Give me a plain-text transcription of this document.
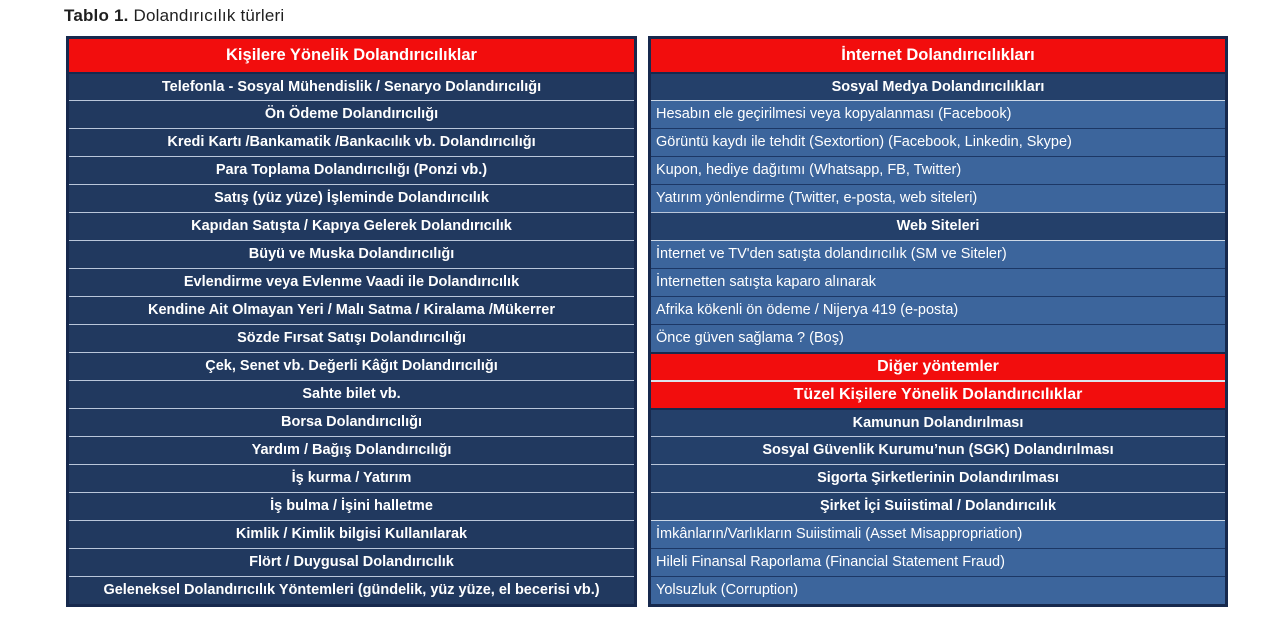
Tablo 1. Dolandırıcılık türleri
Kişilere Yönelik Dolandırıcılıklar
Telefonla - Sosyal Mühendislik / Senaryo Dolandırıcılığı
Ön Ödeme Dolandırıcılığı
Kredi Kartı /Bankamatik /Bankacılık vb. Dolandırıcılığı
Para Toplama Dolandırıcılığı (Ponzi vb.)
Satış (yüz yüze) İşleminde Dolandırıcılık
Kapıdan Satışta / Kapıya Gelerek Dolandırıcılık
Büyü ve Muska Dolandırıcılığı
Evlendirme veya Evlenme Vaadi ile Dolandırıcılık
Kendine Ait Olmayan Yeri / Malı Satma / Kiralama /Mükerrer
Sözde Fırsat Satışı Dolandırıcılığı
Çek, Senet vb. Değerli Kâğıt Dolandırıcılığı
Sahte bilet vb.
Borsa Dolandırıcılığı
Yardım / Bağış Dolandırıcılığı
İş kurma / Yatırım
İş bulma / İşini halletme
Kimlik / Kimlik bilgisi Kullanılarak
Flört / Duygusal Dolandırıcılık
Geleneksel Dolandırıcılık Yöntemleri (gündelik, yüz yüze, el becerisi vb.)
İnternet Dolandırıcılıkları
Sosyal Medya Dolandırıcılıkları
Hesabın ele geçirilmesi veya kopyalanması (Facebook)
Görüntü kaydı ile tehdit (Sextortion) (Facebook, Linkedin, Skype)
Kupon, hediye dağıtımı (Whatsapp, FB, Twitter)
Yatırım yönlendirme (Twitter, e-posta, web siteleri)
Web Siteleri
İnternet ve TV'den satışta dolandırıcılık (SM ve Siteler)
İnternetten satışta kaparo alınarak
Afrika kökenli ön ödeme / Nijerya 419 (e-posta)
Önce güven sağlama ? (Boş)
Diğer yöntemler
Tüzel Kişilere Yönelik Dolandırıcılıklar
Kamunun Dolandırılması
Sosyal Güvenlik Kurumu’nun (SGK) Dolandırılması
Sigorta Şirketlerinin Dolandırılması
Şirket İçi Suiistimal / Dolandırıcılık
İmkânların/Varlıkların Suiistimali (Asset Misappropriation)
Hileli Finansal Raporlama (Financial Statement Fraud)
Yolsuzluk (Corruption)
